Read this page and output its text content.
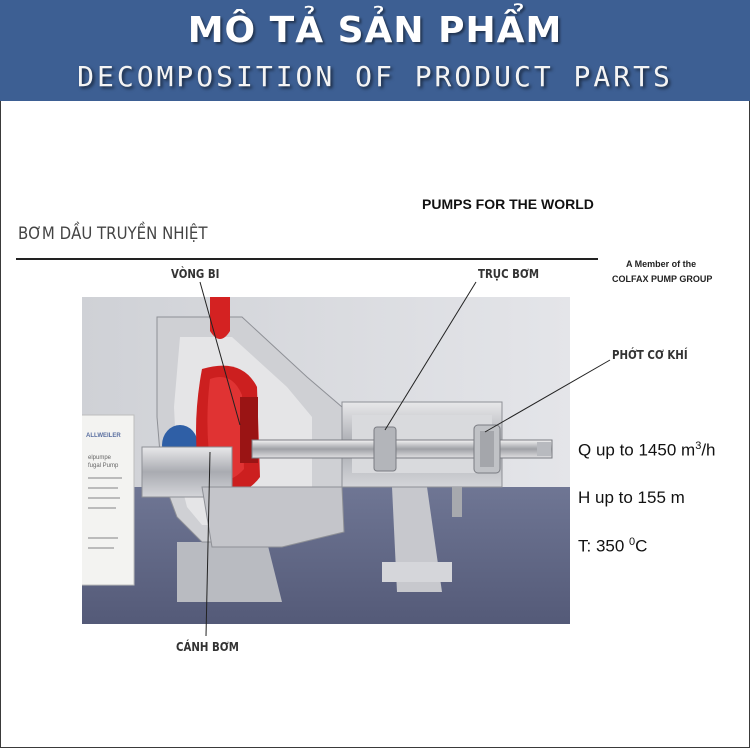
MÔ TẢ SẢN PHẨM
DECOMPOSITION OF PRODUCT PARTS
PUMPS FOR THE WORLD
BƠM DẦU TRUYỀN NHIỆT
A Member of the
COLFAX PUMP GROUP
ALLWEILER
elpumpe
fugal Pump
VÒNG BI	TRỤC BƠM
PHỚT CƠ KHÍ
CÁNH BƠM
Q up to 1450 $m^3/h$
H up to 155 m
T: 350 $^0$C
